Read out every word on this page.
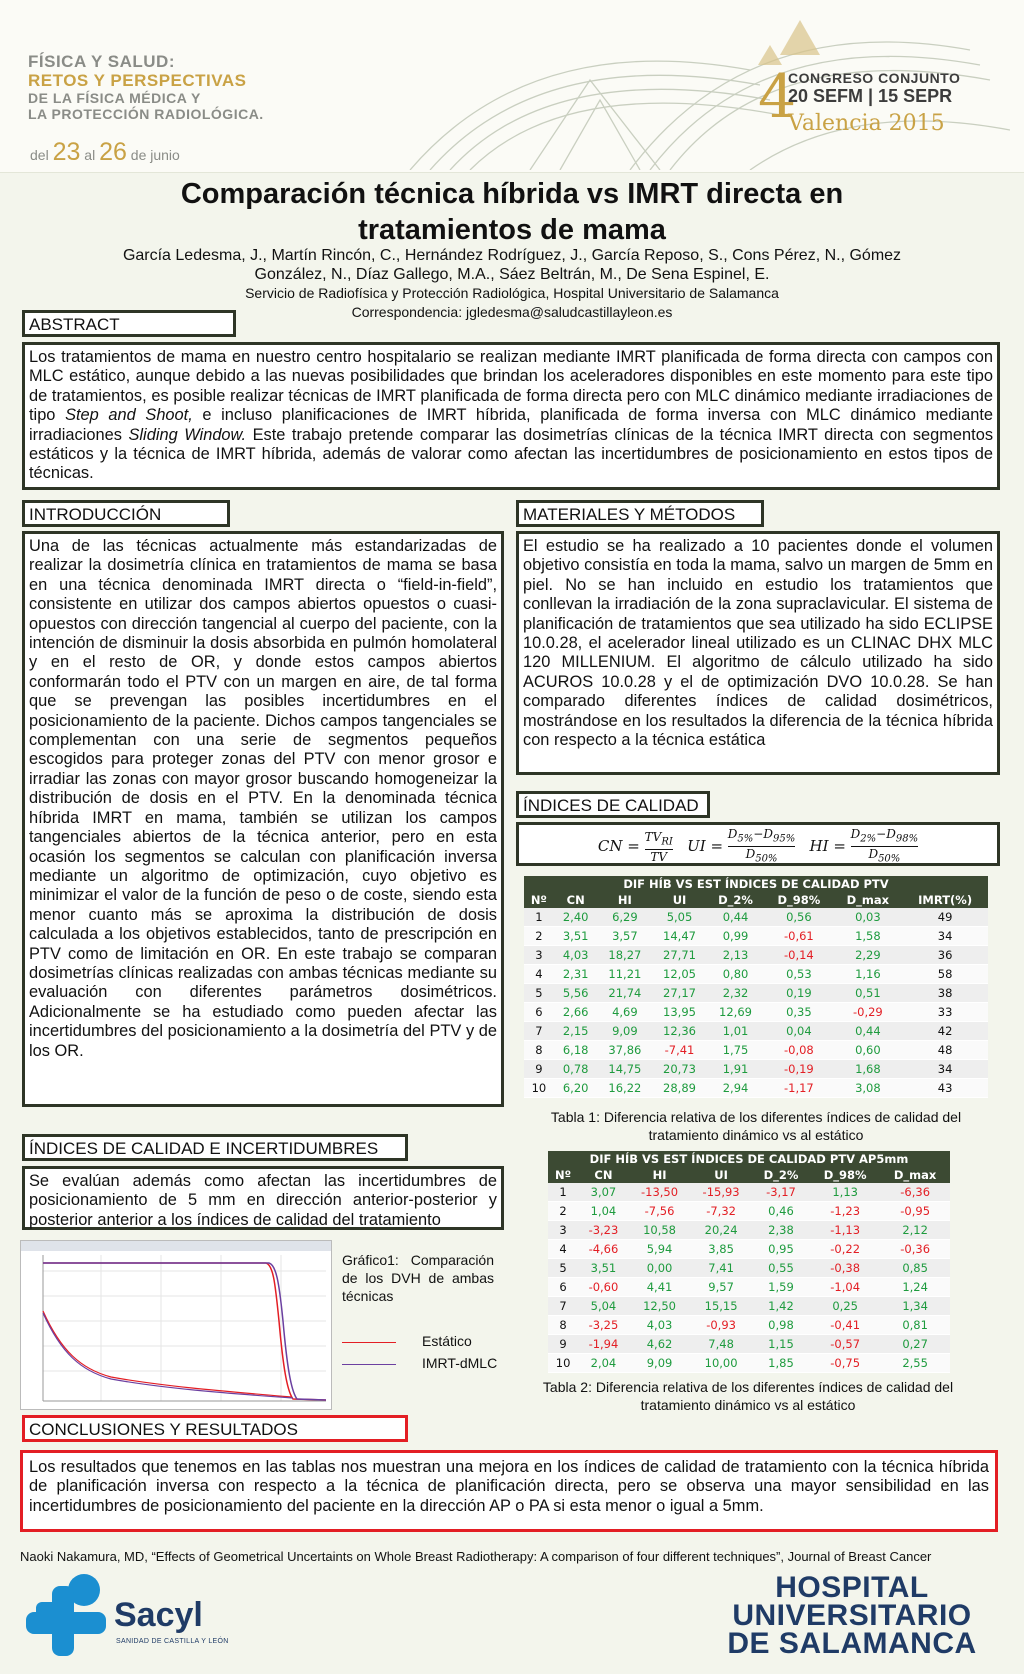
FÍSICA Y SALUD:
RETOS Y PERSPECTIVAS
DE LA FÍSICA MÉDICA Y
LA PROTECCIÓN RADIOLÓGICA.
del 23 al 26 de junio
4
CONGRESO CONJUNTO
20 SEFM | 15 SEPR
Valencia 2015
Comparación técnica híbrida vs IMRT directa en tratamientos de mama
García Ledesma, J., Martín Rincón, C., Hernández Rodríguez, J., García Reposo, S., Cons Pérez, N., Gómez González, N., Díaz Gallego, M.A., Sáez Beltrán, M., De Sena Espinel, E.
Servicio de Radiofísica y Protección Radiológica, Hospital Universitario de Salamanca
Correspondencia: jgledesma@saludcastillayleon.es
ABSTRACT
Los tratamientos de mama en nuestro centro hospitalario se realizan mediante IMRT planificada de forma directa con campos con MLC estático, aunque debido a las nuevas posibilidades que brindan los aceleradores disponibles en este momento para este tipo de tratamientos, es posible realizar técnicas de IMRT planificada de forma directa pero con MLC dinámico mediante irradiaciones de tipo Step and Shoot, e incluso planificaciones de IMRT híbrida, planificada de forma inversa con MLC dinámico mediante irradiaciones Sliding Window. Este trabajo pretende comparar las dosimetrías clínicas de la técnica IMRT directa con segmentos estáticos y la técnica de IMRT híbrida, además de valorar como afectan las incertidumbres de posicionamiento en estos tipos de técnicas.
INTRODUCCIÓN
Una de las técnicas actualmente más estandarizadas de realizar la dosimetría clínica en tratamientos de mama se basa en una técnica denominada IMRT directa o “field-in-field”, consistente en utilizar dos campos abiertos opuestos o cuasi-opuestos con dirección tangencial al cuerpo del paciente, con la intención de disminuir la dosis absorbida en pulmón homolateral y en el resto de OR, y donde estos campos abiertos conformarán todo el PTV con un margen en aire, de tal forma que se prevengan las posibles incertidumbres en el posicionamiento de la paciente. Dichos campos tangenciales se complementan con una serie de segmentos pequeños escogidos para proteger zonas del PTV con menor grosor e irradiar las zonas con mayor grosor buscando homogeneizar la distribución de dosis en el PTV. En la denominada técnica híbrida IMRT en mama, también se utilizan los campos tangenciales abiertos de la técnica anterior, pero en esta ocasión los segmentos se calculan con planificación inversa mediante un algoritmo de optimización, cuyo objetivo es minimizar el valor de la función de peso o de coste, siendo esta menor cuanto más se aproxima la distribución de dosis calculada a los objetivos establecidos, tanto de prescripción en PTV como de limitación en OR. En este trabajo se comparan dosimetrías clínicas realizadas con ambas técnicas mediante su evaluación con diferentes parámetros dosimétricos. Adicionalmente se ha estudiado como pueden afectar las incertidumbres del posicionamiento a la dosimetría del PTV y de los OR.
MATERIALES Y MÉTODOS
El estudio se ha realizado a 10 pacientes donde el volumen objetivo consistía en toda la mama, salvo un margen de 5mm en piel. No se han incluido en estudio los tratamientos que conllevan la irradiación de la zona supraclavicular. El sistema de planificación de tratamientos que sea utilizado ha sido ECLIPSE 10.0.28, el acelerador lineal utilizado es un CLINAC DHX MLC 120 MILLENIUM. El algoritmo de cálculo utilizado ha sido ACUROS 10.0.28 y el de optimización DVO 10.0.28. Se han comparado diferentes índices de calidad dosimétricos, mostrándose en los resultados la diferencia de la técnica híbrida con respecto a la técnica estática
ÍNDICES DE CALIDAD
CN =
$TV_{RI}$
TV
UI = $\frac{D_{5\%}-D_{95\%}}{D_{50\%}}$ HI = $\frac{D_{2\%}-D_{98\%}}{D_{50\%}}$
DIF HÍB VS EST ÍNDICES DE CALIDAD PTV							
Nº	CN	HI	UI	D_2%	D_98%	D_max	IMRT(%)
1	2,40	6,29	5,05	0,44	0,56	0,03	49
2	3,51	3,57	14,47	0,99	-0,61	1,58	34
3	4,03	18,27	27,71	2,13	-0,14	2,29	36
4	2,31	11,21	12,05	0,80	0,53	1,16	58
5	5,56	21,74	27,17	2,32	0,19	0,51	38
6	2,66	4,69	13,95	12,69	0,35	-0,29	33
7	2,15	9,09	12,36	1,01	0,04	0,44	42
8	6,18	37,86	-7,41	1,75	-0,08	0,60	48
9	0,78	14,75	20,73	1,91	-0,19	1,68	34
10	6,20	16,22	28,89	2,94	-1,17	3,08	43
Tabla 1: Diferencia relativa de los diferentes índices de calidad del tratamiento dinámico vs al estático
DIF HÍB VS EST ÍNDICES DE CALIDAD PTV AP5mm						
Nº	CN	HI	UI	D_2%	D_98%	D_max
1	3,07	-13,50	-15,93	-3,17	1,13	-6,36
2	1,04	-7,56	-7,32	0,46	-1,23	-0,95
3	-3,23	10,58	20,24	2,38	-1,13	2,12
4	-4,66	5,94	3,85	0,95	-0,22	-0,36
5	3,51	0,00	7,41	0,55	-0,38	0,85
6	-0,60	4,41	9,57	1,59	-1,04	1,24
7	5,04	12,50	15,15	1,42	0,25	1,34
8	-3,25	4,03	-0,93	0,98	-0,41	0,81
9	-1,94	4,62	7,48	1,15	-0,57	0,27
10	2,04	9,09	10,00	1,85	-0,75	2,55
Tabla 2: Diferencia relativa de los diferentes índices de calidad del tratamiento dinámico vs al estático
ÍNDICES DE CALIDAD E INCERTIDUMBRES
Se evalúan además como afectan las incertidumbres de posicionamiento de 5 mm en dirección anterior-posterior y posterior anterior a los índices de calidad del tratamiento
Gráfico1: Comparación de los DVH de ambas técnicas
Estático
IMRT-dMLC
CONCLUSIONES Y RESULTADOS
Los resultados que tenemos en las tablas nos muestran una mejora en los índices de calidad de tratamiento con la técnica híbrida de planificación inversa con respecto a la técnica de planificación directa, pero se observa una mayor sensibilidad en las incertidumbres de posicionamiento del paciente en la dirección AP o PA si esta menor o igual a 5mm.
Naoki Nakamura, MD, “Effects of Geometrical Uncertaints on Whole Breast Radiotherapy: A comparison of four different techniques”, Journal of Breast Cancer
Sacyl
SANIDAD DE CASTILLA Y LEÓN
HOSPITAL
UNIVERSITARIO
DE SALAMANCA
